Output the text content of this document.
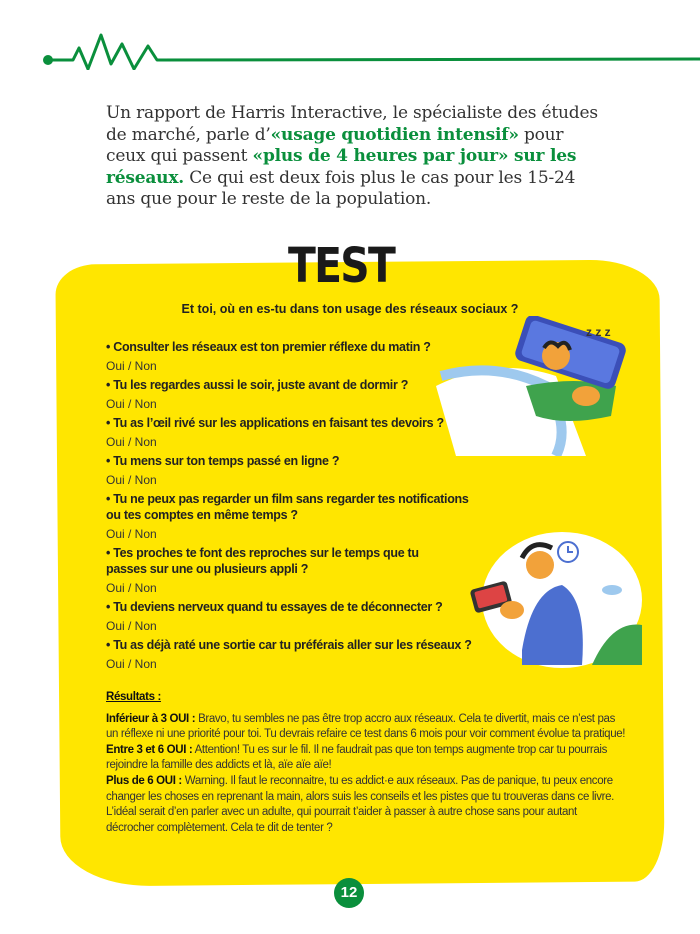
Un rapport de Harris Interactive, le spécialiste des études de marché, parle d’«usage quotidien intensif» pour ceux qui passent «plus de 4 heures par jour» sur les réseaux. Ce qui est deux fois plus le cas pour les 15-24 ans que pour le reste de la population.
TEST
Et toi, où en es-tu dans ton usage des réseaux sociaux ?
z z z
• Consulter les réseaux est ton premier réflexe du matin ?
Oui / Non
• Tu les regardes aussi le soir, juste avant de dormir ?
Oui / Non
• Tu as l’œil rivé sur les applications en faisant tes devoirs ?
Oui / Non
• Tu mens sur ton temps passé en ligne ?
Oui / Non
• Tu ne peux pas regarder un film sans regarder tes notifications ou tes comptes en même temps ?
Oui / Non
• Tes proches te font des reproches sur le temps que tu passes sur une ou plusieurs appli ?
Oui / Non
• Tu deviens nerveux quand tu essayes de te déconnecter ?
Oui / Non
• Tu as déjà raté une sortie car tu préférais aller sur les réseaux ?
Oui / Non
Résultats :
Inférieur à 3 OUI : Bravo, tu sembles ne pas être trop accro aux réseaux. Cela te divertit, mais ce n’est pas un réflexe ni une priorité pour toi. Tu devrais refaire ce test dans 6 mois pour voir comment évolue ta pratique!
Entre 3 et 6 OUI : Attention! Tu es sur le fil. Il ne faudrait pas que ton temps augmente trop car tu pourrais rejoindre la famille des addicts et là, aïe aïe aïe!
Plus de 6 OUI : Warning. Il faut le reconnaitre, tu es addict·e aux réseaux. Pas de panique, tu peux encore changer les choses en reprenant la main, alors suis les conseils et les pistes que tu trouveras dans ce livre. L’idéal serait d’en parler avec un adulte, qui pourrait t’aider à passer à autre chose sans pour autant décrocher complètement. Cela te dit de tenter ?
12
